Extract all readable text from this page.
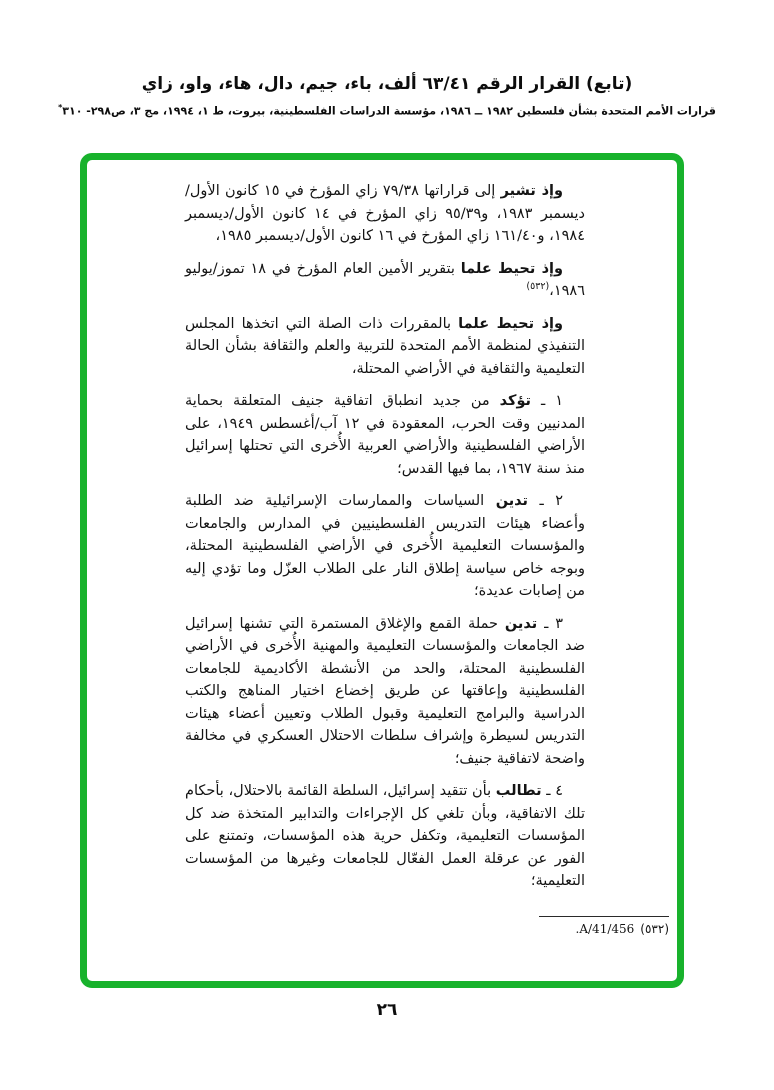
(تابع) القرار الرقم ٦٣/٤١ ألف، باء، جيم، دال، هاء، واو، زاي
قرارات الأمم المتحدة بشأن فلسطين ١٩٨٢ ــ ١٩٨٦، مؤسسة الدراسات الفلسطينية، بيروت، ط ١، ١٩٩٤، مج ٣، ص٢٩٨- ٣١٠*

وإذ تشير إلى قراراتها ٧٩/٣٨ زاي المؤرخ في ١٥ كانون الأول/ديسمبر ١٩٨٣، و٩٥/٣٩ زاي المؤرخ في ١٤ كانون الأول/ديسمبر ١٩٨٤، و١٦١/٤٠ زاي المؤرخ في ١٦ كانون الأول/ديسمبر ١٩٨٥،

وإذ تحيط علما بتقرير الأمين العام المؤرخ في ١٨ تموز/يوليو ١٩٨٦،$^{(٥٣٢)}$

وإذ تحيط علما بالمقررات ذات الصلة التي اتخذها المجلس التنفيذي لمنظمة الأمم المتحدة للتربية والعلم والثقافة بشأن الحالة التعليمية والثقافية في الأراضي المحتلة،

١ ـ تؤكد من جديد انطباق اتفاقية جنيف المتعلقة بحماية المدنيين وقت الحرب، المعقودة في ١٢ آب/أغسطس ١٩٤٩، على الأراضي الفلسطينية والأراضي العربية الأُخرى التي تحتلها إسرائيل منذ سنة ١٩٦٧، بما فيها القدس؛

٢ ـ تدين السياسات والممارسات الإسرائيلية ضد الطلبة وأعضاء هيئات التدريس الفلسطينيين في المدارس والجامعات والمؤسسات التعليمية الأُخرى في الأراضي الفلسطينية المحتلة، وبوجه خاص سياسة إطلاق النار على الطلاب العزّل وما تؤدي إليه من إصابات عديدة؛

٣ ـ تدين حملة القمع والإغلاق المستمرة التي تشنها إسرائيل ضد الجامعات والمؤسسات التعليمية والمهنية الأُخرى في الأراضي الفلسطينية المحتلة، والحد من الأنشطة الأكاديمية للجامعات الفلسطينية وإعاقتها عن طريق إخضاع اختيار المناهج والكتب الدراسية والبرامج التعليمية وقبول الطلاب وتعيين أعضاء هيئات التدريس لسيطرة وإشراف سلطات الاحتلال العسكري في مخالفة واضحة لاتفاقية جنيف؛

٤ ـ تطالب بأن تتقيد إسرائيل، السلطة القائمة بالاحتلال، بأحكام تلك الاتفاقية، وبأن تلغي كل الإجراءات والتدابير المتخذة ضد كل المؤسسات التعليمية، وتكفل حرية هذه المؤسسات، وتمتنع على الفور عن عرقلة العمل الفعّال للجامعات وغيرها من المؤسسات التعليمية؛

(٥٣٢)A/41/456.
٢٦
